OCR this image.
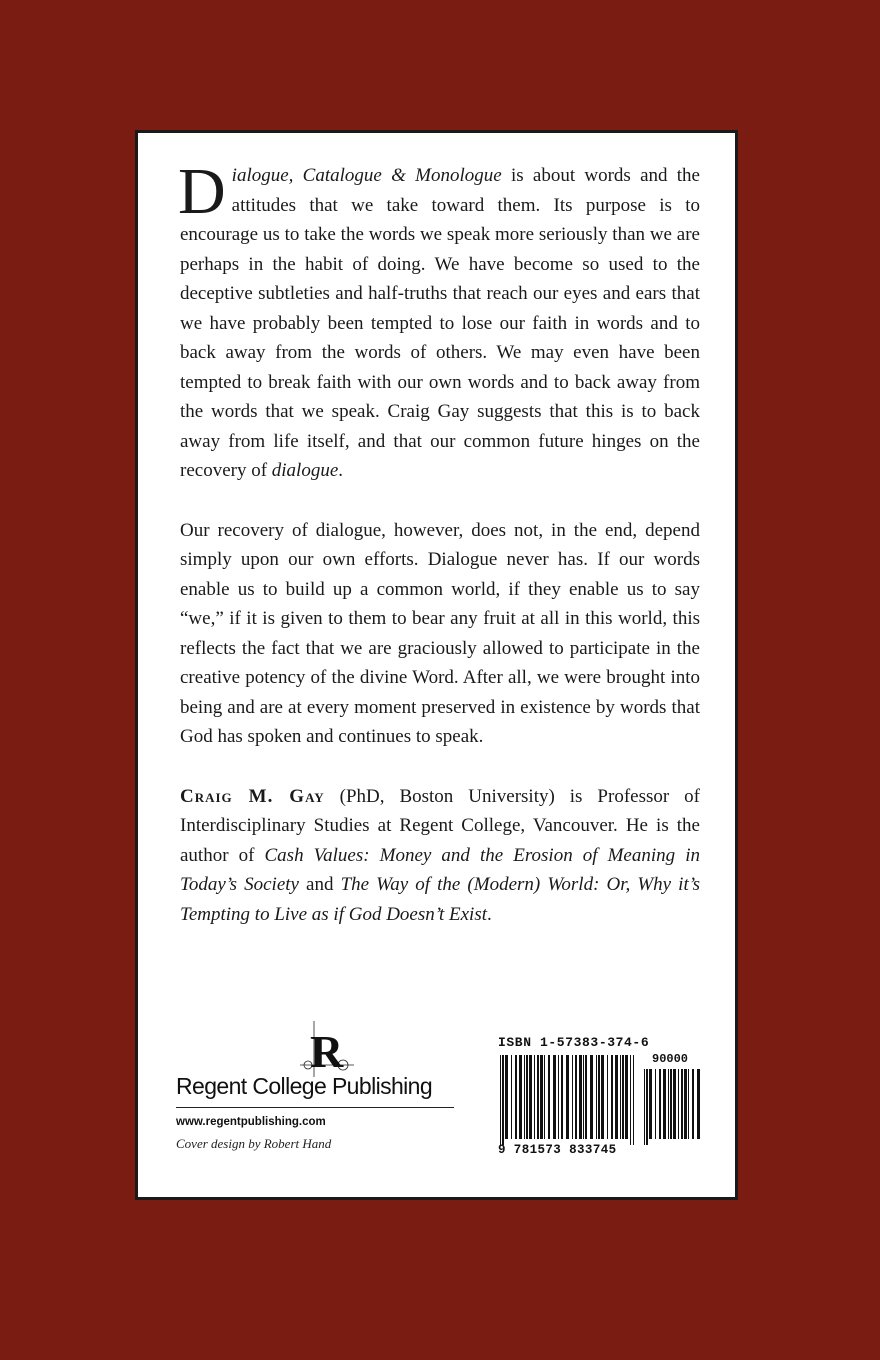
Dialogue, Catalogue & Monologue is about words and the attitudes that we take toward them. Its purpose is to encourage us to take the words we speak more seriously than we are perhaps in the habit of doing. We have become so used to the deceptive subtleties and half-truths that reach our eyes and ears that we have probably been tempted to lose our faith in words and to back away from the words of others. We may even have been tempted to break faith with our own words and to back away from the words that we speak. Craig Gay suggests that this is to back away from life itself, and that our common future hinges on the recovery of dialogue.

Our recovery of dialogue, however, does not, in the end, depend simply upon our own efforts. Dialogue never has. If our words enable us to build up a common world, if they enable us to say “we,” if it is given to them to bear any fruit at all in this world, this reflects the fact that we are graciously allowed to participate in the creative potency of the divine Word. After all, we were brought into being and are at every moment preserved in existence by words that God has spoken and continues to speak.

Craig M. Gay (PhD, Boston University) is Professor of Interdisciplinary Studies at Regent College, Vancouver. He is the author of Cash Values: Money and the Erosion of Meaning in Today’s Society and The Way of the (Modern) World: Or, Why it’s Tempting to Live as if God Doesn’t Exist.

R
Regent College Publishing
www.regentpublishing.com
Cover design by Robert Hand
ISBN 1-57383-374-6
90000
9 781573 833745
